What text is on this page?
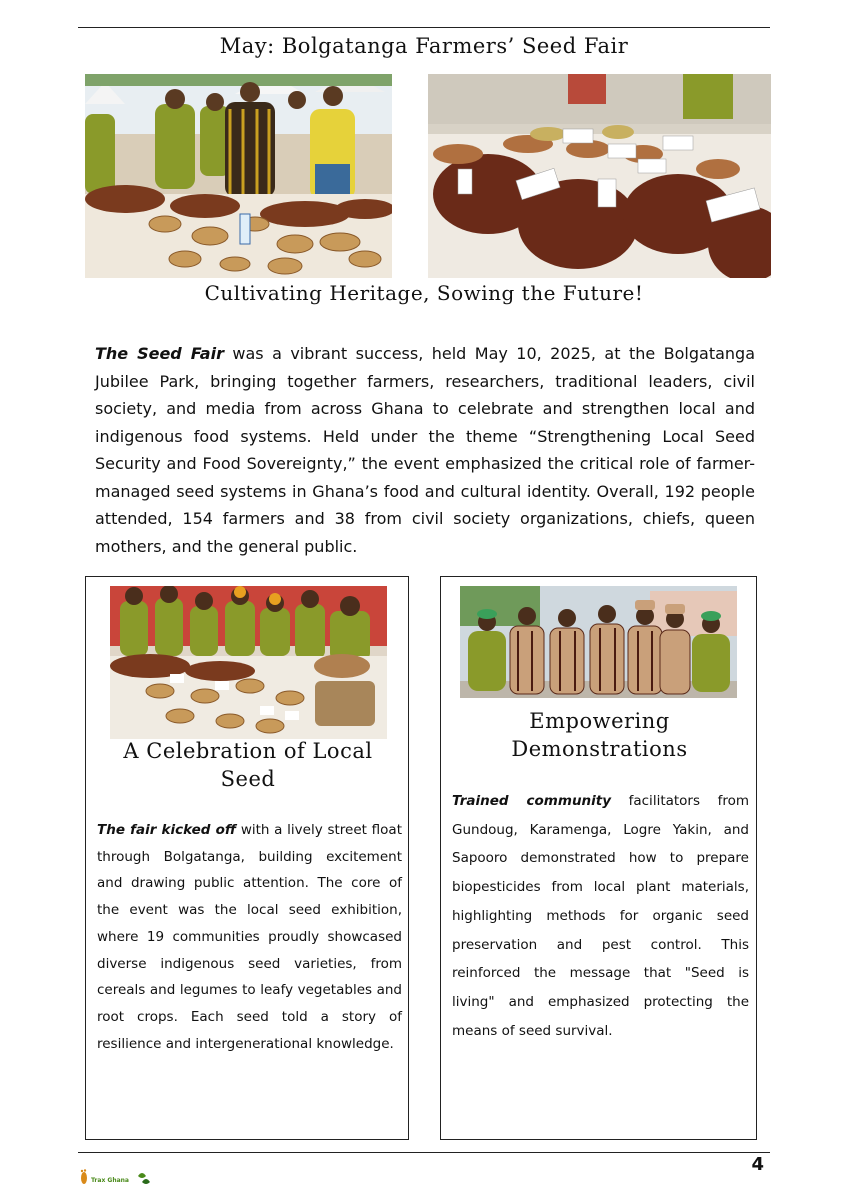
May: Bolgatanga Farmers’ Seed Fair
Cultivating Heritage, Sowing the Future!
The Seed Fair was a vibrant success, held May 10, 2025, at the Bolgatanga Jubilee Park, bringing together farmers, researchers, traditional leaders, civil society, and media from across Ghana to celebrate and strengthen local and indigenous food systems. Held under the theme “Strengthening Local Seed Security and Food Sovereignty,” the event emphasized the critical role of farmer-managed seed systems in Ghana’s food and cultural identity. Overall, 192 people attended, 154 farmers and 38 from civil society organizations, chiefs, queen mothers, and the general public.
A Celebration of Local Seed
The fair kicked off with a lively street float through Bolgatanga, building excitement and drawing public attention. The core of the event was the local seed exhibition, where 19 communities proudly showcased diverse indigenous seed varieties, from cereals and legumes to leafy vegetables and root crops. Each seed told a story of resilience and intergenerational knowledge.
Empowering Demonstrations
Trained community facilitators from Gundoug, Karamenga, Logre Yakin, and Sapooro demonstrated how to prepare biopesticides from local plant materials, highlighting methods for organic seed preservation and pest control. This reinforced the message that "Seed is living" and emphasized protecting the means of seed survival.
4
Trax Ghana
